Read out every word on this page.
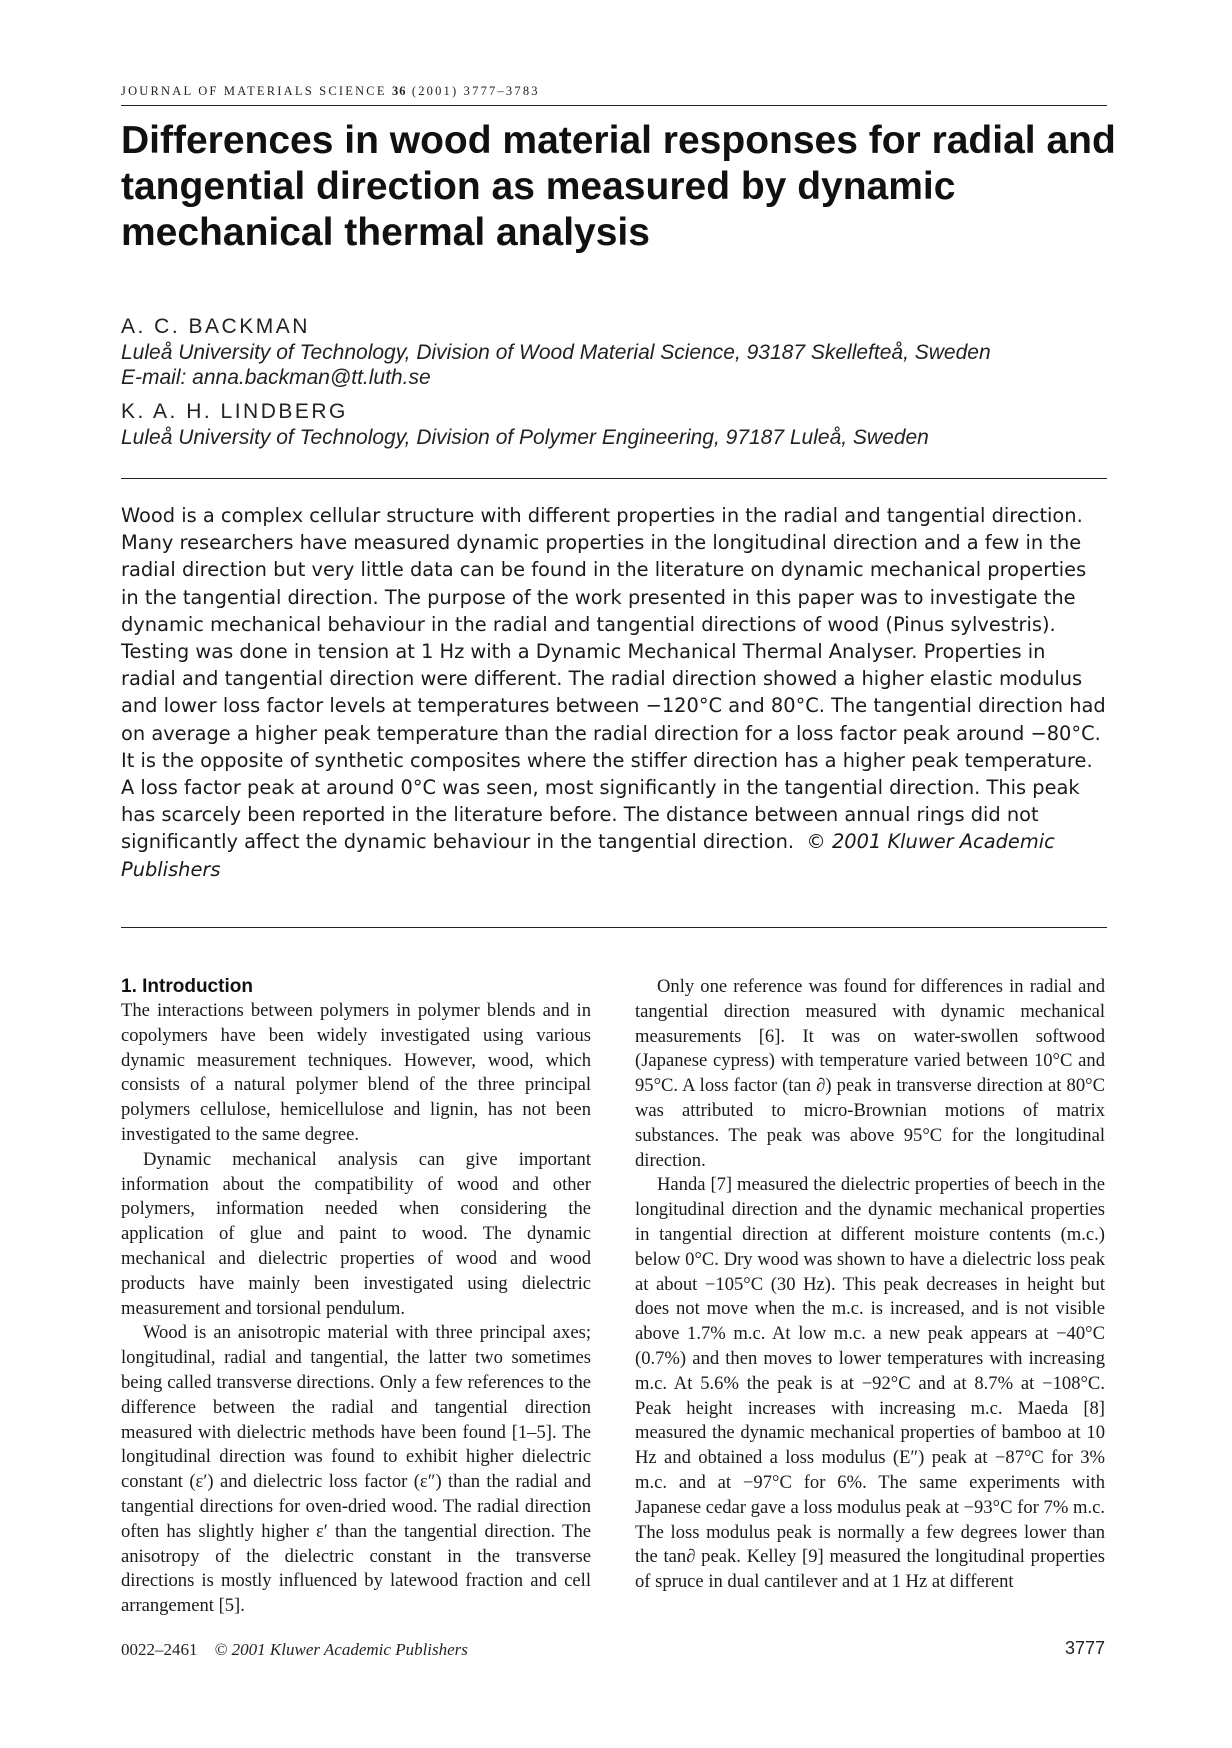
JOURNAL OF MATERIALS SCIENCE 36 (2001) 3777–3783
Differences in wood material responses for radial and tangential direction as measured by dynamic mechanical thermal analysis
A. C. BACKMAN
Luleå University of Technology, Division of Wood Material Science, 93187 Skellefteå, Sweden
E-mail: anna.backman@tt.luth.se
K. A. H. LINDBERG
Luleå University of Technology, Division of Polymer Engineering, 97187 Luleå, Sweden

Wood is a complex cellular structure with different properties in the radial and tangential direction. Many researchers have measured dynamic properties in the longitudinal direction and a few in the radial direction but very little data can be found in the literature on dynamic mechanical properties in the tangential direction. The purpose of the work presented in this paper was to investigate the dynamic mechanical behaviour in the radial and tangential directions of wood (Pinus sylvestris). Testing was done in tension at 1 Hz with a Dynamic Mechanical Thermal Analyser. Properties in radial and tangential direction were different. The radial direction showed a higher elastic modulus and lower loss factor levels at temperatures between −120°C and 80°C. The tangential direction had on average a higher peak temperature than the radial direction for a loss factor peak around −80°C. It is the opposite of synthetic composites where the stiffer direction has a higher peak temperature. A loss factor peak at around 0°C was seen, most significantly in the tangential direction. This peak has scarcely been reported in the literature before. The distance between annual rings did not significantly affect the dynamic behaviour in the tangential direction. © 2001 Kluwer Academic Publishers

1. Introduction

The interactions between polymers in polymer blends and in copolymers have been widely investigated using various dynamic measurement techniques. However, wood, which consists of a natural polymer blend of the three principal polymers cellulose, hemicellulose and lignin, has not been investigated to the same degree.

Dynamic mechanical analysis can give important information about the compatibility of wood and other polymers, information needed when considering the application of glue and paint to wood. The dynamic mechanical and dielectric properties of wood and wood products have mainly been investigated using dielectric measurement and torsional pendulum.

Wood is an anisotropic material with three principal axes; longitudinal, radial and tangential, the latter two sometimes being called transverse directions. Only a few references to the difference between the radial and tangential direction measured with dielectric methods have been found [1–5]. The longitudinal direction was found to exhibit higher dielectric constant (ε′) and dielectric loss factor (ε″) than the radial and tangential directions for oven-dried wood. The radial direction often has slightly higher ε′ than the tangential direction. The anisotropy of the dielectric constant in the transverse directions is mostly influenced by latewood fraction and cell arrangement [5].

Only one reference was found for differences in radial and tangential direction measured with dynamic mechanical measurements [6]. It was on water-swollen softwood (Japanese cypress) with temperature varied between 10°C and 95°C. A loss factor (tan ∂) peak in transverse direction at 80°C was attributed to micro-Brownian motions of matrix substances. The peak was above 95°C for the longitudinal direction.

Handa [7] measured the dielectric properties of beech in the longitudinal direction and the dynamic mechanical properties in tangential direction at different moisture contents (m.c.) below 0°C. Dry wood was shown to have a dielectric loss peak at about −105°C (30 Hz). This peak decreases in height but does not move when the m.c. is increased, and is not visible above 1.7% m.c. At low m.c. a new peak appears at −40°C (0.7%) and then moves to lower temperatures with increasing m.c. At 5.6% the peak is at −92°C and at 8.7% at −108°C. Peak height increases with increasing m.c. Maeda [8] measured the dynamic mechanical properties of bamboo at 10 Hz and obtained a loss modulus (E″) peak at −87°C for 3% m.c. and at −97°C for 6%. The same experiments with Japanese cedar gave a loss modulus peak at −93°C for 7% m.c. The loss modulus peak is normally a few degrees lower than the tan∂ peak. Kelley [9] measured the longitudinal properties of spruce in dual cantilever and at 1 Hz at different

0022–2461 © 2001 Kluwer Academic Publishers	3777
